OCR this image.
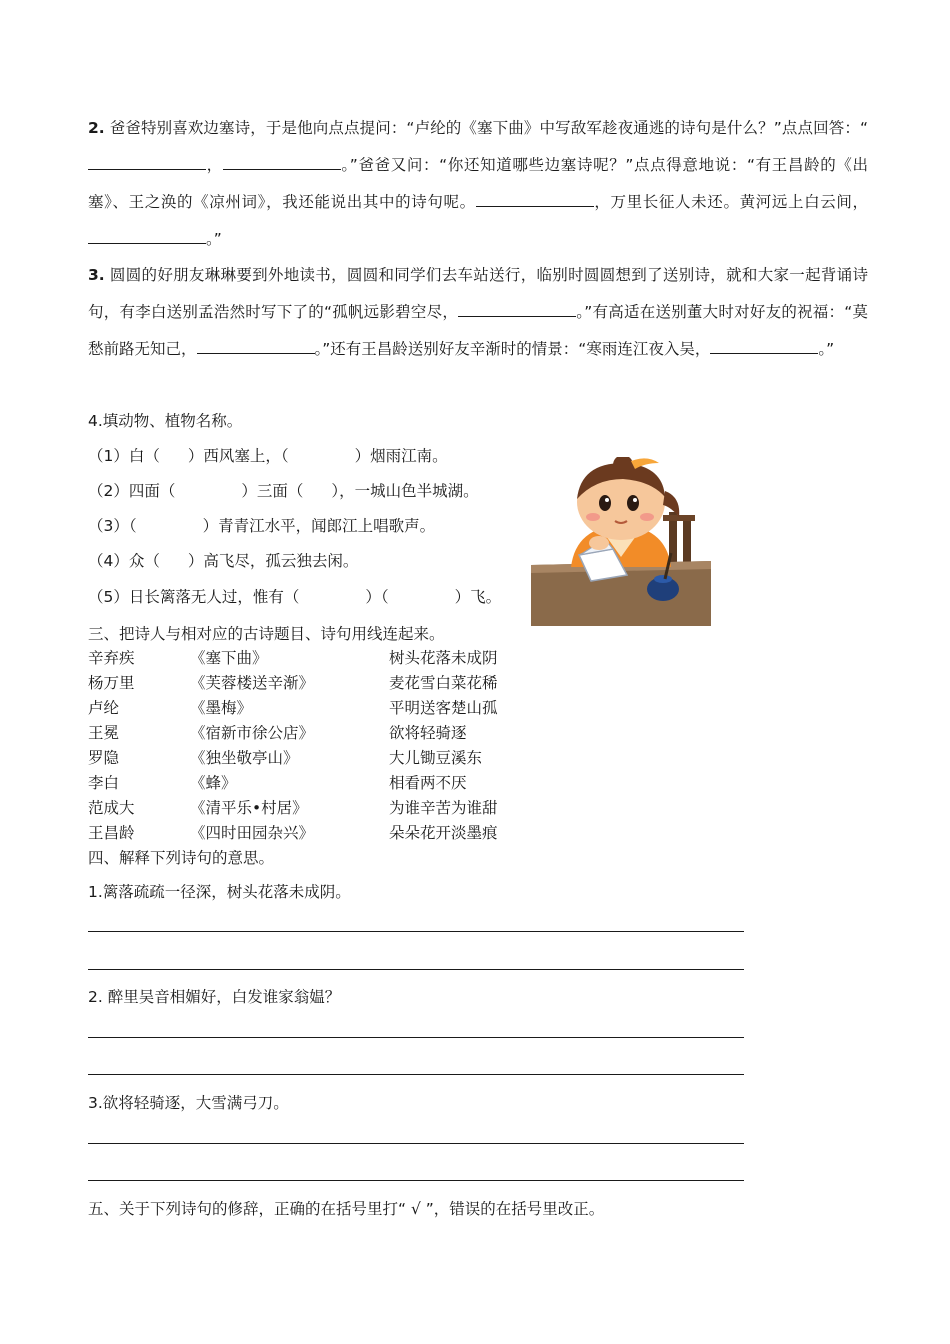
2. 爸爸特别喜欢边塞诗，于是他向点点提问：“卢纶的《塞下曲》中写敌军趁夜通逃的诗句是什么？”点点回答：“，	。”爸爸又问：“你还知道哪些边塞诗呢？”点点得意地说：“有王昌龄的《出塞》、王之涣的《凉州词》，我还能说出其中的诗句呢。	，万里长征人未还。黄河远上白云间，。”
3. 圆圆的好朋友琳琳要到外地读书，圆圆和同学们去车站送行，临别时圆圆想到了送别诗，就和大家一起背诵诗句，有李白送别孟浩然时写下了的“孤帆远影碧空尽，	。”有高适在送别董大时对好友的祝福：“莫愁前路无知己，	。”还有王昌龄送别好友辛渐时的情景：“寒雨连江夜入吴，	。”
4.填动物、植物名称。
（1）白（ ）西风塞上，（	）烟雨江南。
（2）四面（	）三面（ ），一城山色半城湖。
（3）（	）青青江水平，闻郎江上唱歌声。
（4）众（ ）高飞尽，孤云独去闲。
（5）日长篱落无人过，惟有（	）（	）飞。
三、把诗人与相对应的古诗题目、诗句用线连起来。
辛弃疾	《塞下曲》	树头花落未成阴
杨万里	《芙蓉楼送辛渐》	麦花雪白菜花稀
卢纶	《墨梅》	平明送客楚山孤
王冕	《宿新市徐公店》	欲将轻骑逐
罗隐	《独坐敬亭山》	大儿锄豆溪东
李白	《蜂》	相看两不厌
范成大	《清平乐•村居》	为谁辛苦为谁甜
王昌龄	《四时田园杂兴》	朵朵花开淡墨痕
四、解释下列诗句的意思。
1.篱落疏疏一径深，树头花落未成阴。
2. 醉里吴音相媚好，白发谁家翁媪？
3.欲将轻骑逐，大雪满弓刀。
五、关于下列诗句的修辞，正确的在括号里打“ √ ”，错误的在括号里改正。
